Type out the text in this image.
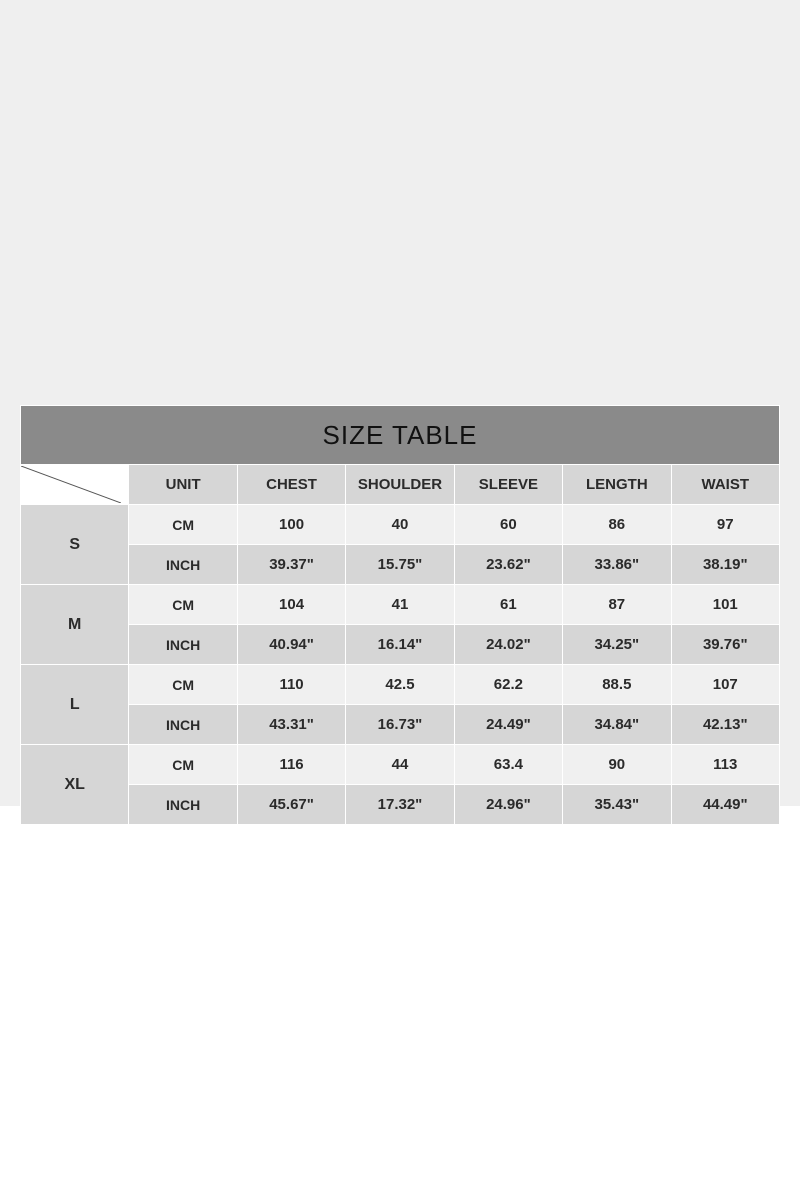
SIZE TABLE						

	UNIT	CHEST	SHOULDER	SLEEVE	LENGTH	WAIST
S	CM	100	40	60	86	97
	INCH	39.37"	15.75"	23.62"	33.86"	38.19"
M	CM	104	41	61	87	101
	INCH	40.94"	16.14"	24.02"	34.25"	39.76"
L	CM	110	42.5	62.2	88.5	107
	INCH	43.31"	16.73"	24.49"	34.84"	42.13"
XL	CM	116	44	63.4	90	113
	INCH	45.67"	17.32"	24.96"	35.43"	44.49"
